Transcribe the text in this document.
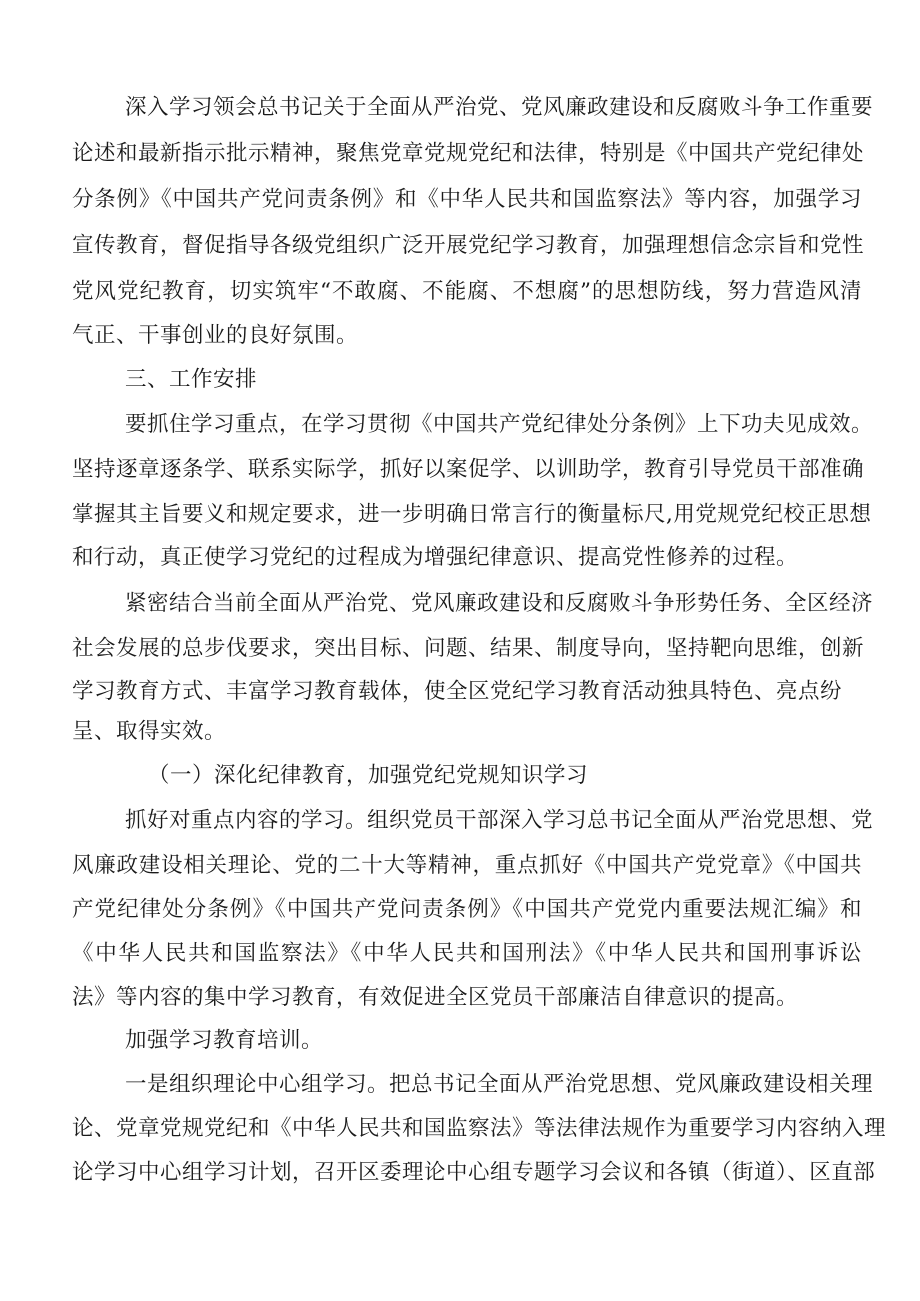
深入学习领会总书记关于全面从严治党、党风廉政建设和反腐败斗争工作重要
论述和最新指示批示精神，聚焦党章党规党纪和法律，特别是《中国共产党纪律处
分条例》《中国共产党问责条例》和《中华人民共和国监察法》等内容，加强学习
宣传教育，督促指导各级党组织广泛开展党纪学习教育，加强理想信念宗旨和党性
党风党纪教育，切实筑牢“不敢腐、不能腐、不想腐”的思想防线，努力营造风清
气正、干事创业的良好氛围。
三、工作安排
要抓住学习重点，在学习贯彻《中国共产党纪律处分条例》上下功夫见成效。
坚持逐章逐条学、联系实际学，抓好以案促学、以训助学，教育引导党员干部准确
掌握其主旨要义和规定要求，进一步明确日常言行的衡量标尺,用党规党纪校正思想
和行动，真正使学习党纪的过程成为增强纪律意识、提高党性修养的过程。
紧密结合当前全面从严治党、党风廉政建设和反腐败斗争形势任务、全区经济
社会发展的总步伐要求，突出目标、问题、结果、制度导向，坚持靶向思维，创新
学习教育方式、丰富学习教育载体，使全区党纪学习教育活动独具特色、亮点纷
呈、取得实效。
（一）深化纪律教育，加强党纪党规知识学习
抓好对重点内容的学习。组织党员干部深入学习总书记全面从严治党思想、党
风廉政建设相关理论、党的二十大等精神，重点抓好《中国共产党党章》《中国共
产党纪律处分条例》《中国共产党问责条例》《中国共产党党内重要法规汇编》和
《中华人民共和国监察法》《中华人民共和国刑法》《中华人民共和国刑事诉讼
法》等内容的集中学习教育，有效促进全区党员干部廉洁自律意识的提高。
加强学习教育培训。
一是组织理论中心组学习。把总书记全面从严治党思想、党风廉政建设相关理
论、党章党规党纪和《中华人民共和国监察法》等法律法规作为重要学习内容纳入理
论学习中心组学习计划，召开区委理论中心组专题学习会议和各镇（街道）、区直部
